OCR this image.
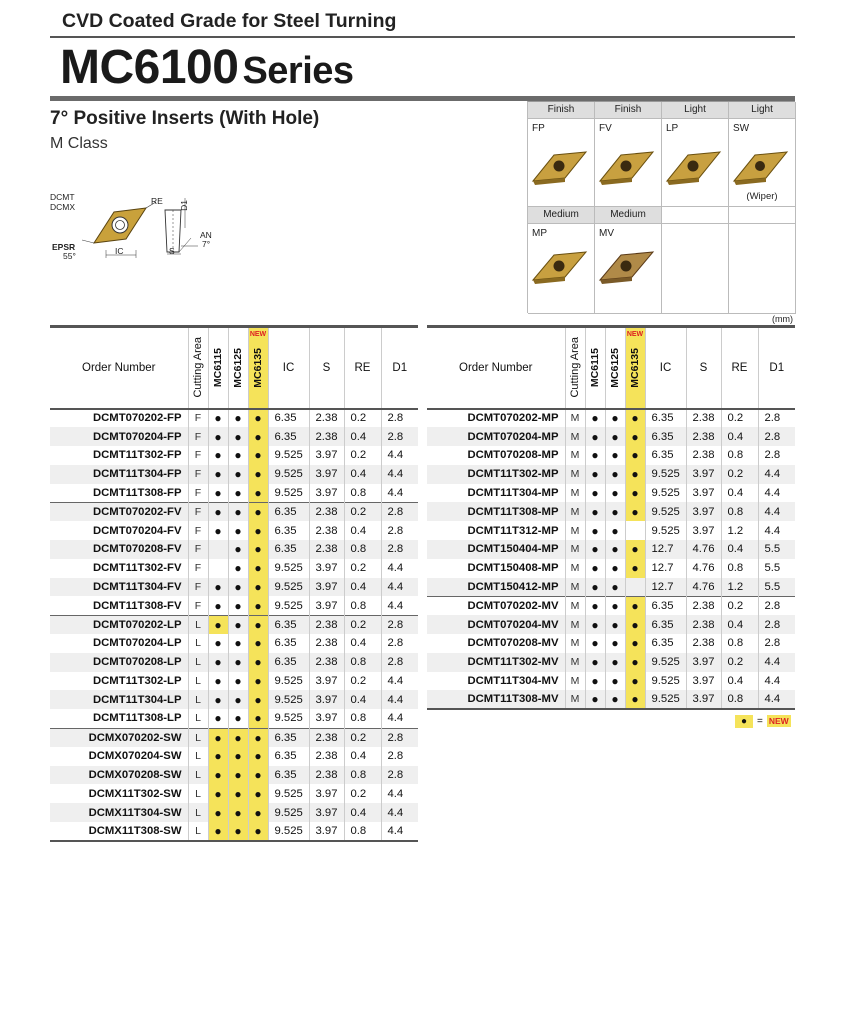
CVD Coated Grade for Steel Turning
MC6100 Series
7° Positive Inserts (With Hole)
M Class
DCMT
DCMX
RE D1
AN
7°
EPSR
55°	IC	S
Finish	Finish	Light	Light
FP	FV	LP	SW
(Wiper)
Medium	Medium
MP	MV
(mm)
Order Number	Cutting Area	MC6115	MC6125	NEW
MC6135	IC	S	RE	D1
DCMT070202-FP	F	●	●	●	6.35	2.38	0.2	2.8
DCMT070204-FP	F	●	●	●	6.35	2.38	0.4	2.8
DCMT11T302-FP	F	●	●	●	9.525	3.97	0.2	4.4
DCMT11T304-FP	F	●	●	●	9.525	3.97	0.4	4.4
DCMT11T308-FP	F	●	●	●	9.525	3.97	0.8	4.4
DCMT070202-FV	F	●	●	●	6.35	2.38	0.2	2.8
DCMT070204-FV	F	●	●	●	6.35	2.38	0.4	2.8
DCMT070208-FV	F		●	●	6.35	2.38	0.8	2.8
DCMT11T302-FV	F		●	●	9.525	3.97	0.2	4.4
DCMT11T304-FV	F	●	●	●	9.525	3.97	0.4	4.4
DCMT11T308-FV	F	●	●	●	9.525	3.97	0.8	4.4
DCMT070202-LP	L	●	●	●	6.35	2.38	0.2	2.8
DCMT070204-LP	L	●	●	●	6.35	2.38	0.4	2.8
DCMT070208-LP	L	●	●	●	6.35	2.38	0.8	2.8
DCMT11T302-LP	L	●	●	●	9.525	3.97	0.2	4.4
DCMT11T304-LP	L	●	●	●	9.525	3.97	0.4	4.4
DCMT11T308-LP	L	●	●	●	9.525	3.97	0.8	4.4
DCMX070202-SW	L	●	●	●	6.35	2.38	0.2	2.8
DCMX070204-SW	L	●	●	●	6.35	2.38	0.4	2.8
DCMX070208-SW	L	●	●	●	6.35	2.38	0.8	2.8
DCMX11T302-SW	L	●	●	●	9.525	3.97	0.2	4.4
DCMX11T304-SW	L	●	●	●	9.525	3.97	0.4	4.4
DCMX11T308-SW	L	●	●	●	9.525	3.97	0.8	4.4
Order Number	Cutting Area	MC6115	MC6125	NEW
MC6135	IC	S	RE	D1
DCMT070202-MP	M	●	●	●	6.35	2.38	0.2	2.8
DCMT070204-MP	M	●	●	●	6.35	2.38	0.4	2.8
DCMT070208-MP	M	●	●	●	6.35	2.38	0.8	2.8
DCMT11T302-MP	M	●	●	●	9.525	3.97	0.2	4.4
DCMT11T304-MP	M	●	●	●	9.525	3.97	0.4	4.4
DCMT11T308-MP	M	●	●	●	9.525	3.97	0.8	4.4
DCMT11T312-MP	M	●	●		9.525	3.97	1.2	4.4
DCMT150404-MP	M	●	●	●	12.7	4.76	0.4	5.5
DCMT150408-MP	M	●	●	●	12.7	4.76	0.8	5.5
DCMT150412-MP	M	●	●		12.7	4.76	1.2	5.5
DCMT070202-MV	M	●	●	●	6.35	2.38	0.2	2.8
DCMT070204-MV	M	●	●	●	6.35	2.38	0.4	2.8
DCMT070208-MV	M	●	●	●	6.35	2.38	0.8	2.8
DCMT11T302-MV	M	●	●	●	9.525	3.97	0.2	4.4
DCMT11T304-MV	M	●	●	●	9.525	3.97	0.4	4.4
DCMT11T308-MV	M	●	●	●	9.525	3.97	0.8	4.4
● = NEW
